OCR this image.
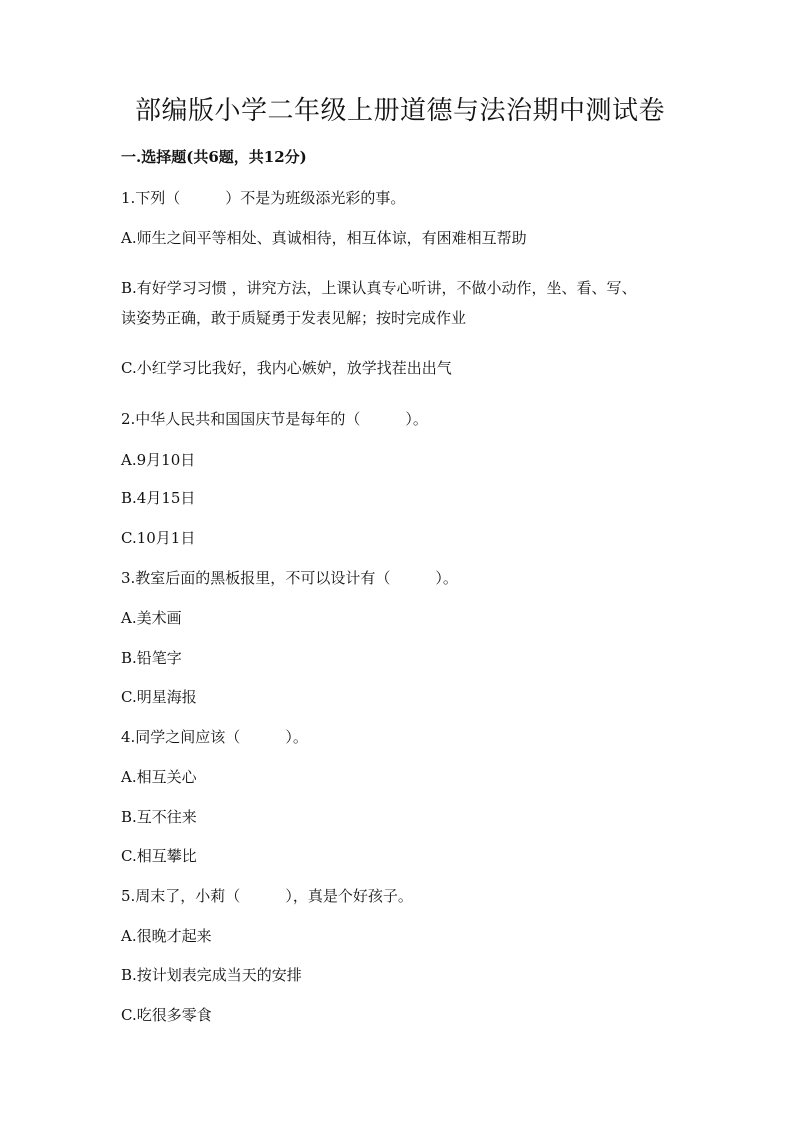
部编版小学二年级上册道德与法治期中测试卷
一.选择题(共6题，共12分)
1.下列（　　　）不是为班级添光彩的事。
A.师生之间平等相处、真诚相待，相互体谅，有困难相互帮助
B.有好学习习惯 ，讲究方法，上课认真专心听讲，不做小动作，坐、看、写、
读姿势正确，敢于质疑勇于发表见解；按时完成作业
C.小红学习比我好，我内心嫉妒，放学找茬出出气
2.中华人民共和国国庆节是每年的（　　　）。
A.9月10日
B.4月15日
C.10月1日
3.教室后面的黑板报里，不可以设计有（　　　）。
A.美术画
B.铅笔字
C.明星海报
4.同学之间应该（　　　）。
A.相互关心
B.互不往来
C.相互攀比
5.周末了，小莉（　　　），真是个好孩子。
A.很晚才起来
B.按计划表完成当天的安排
C.吃很多零食
